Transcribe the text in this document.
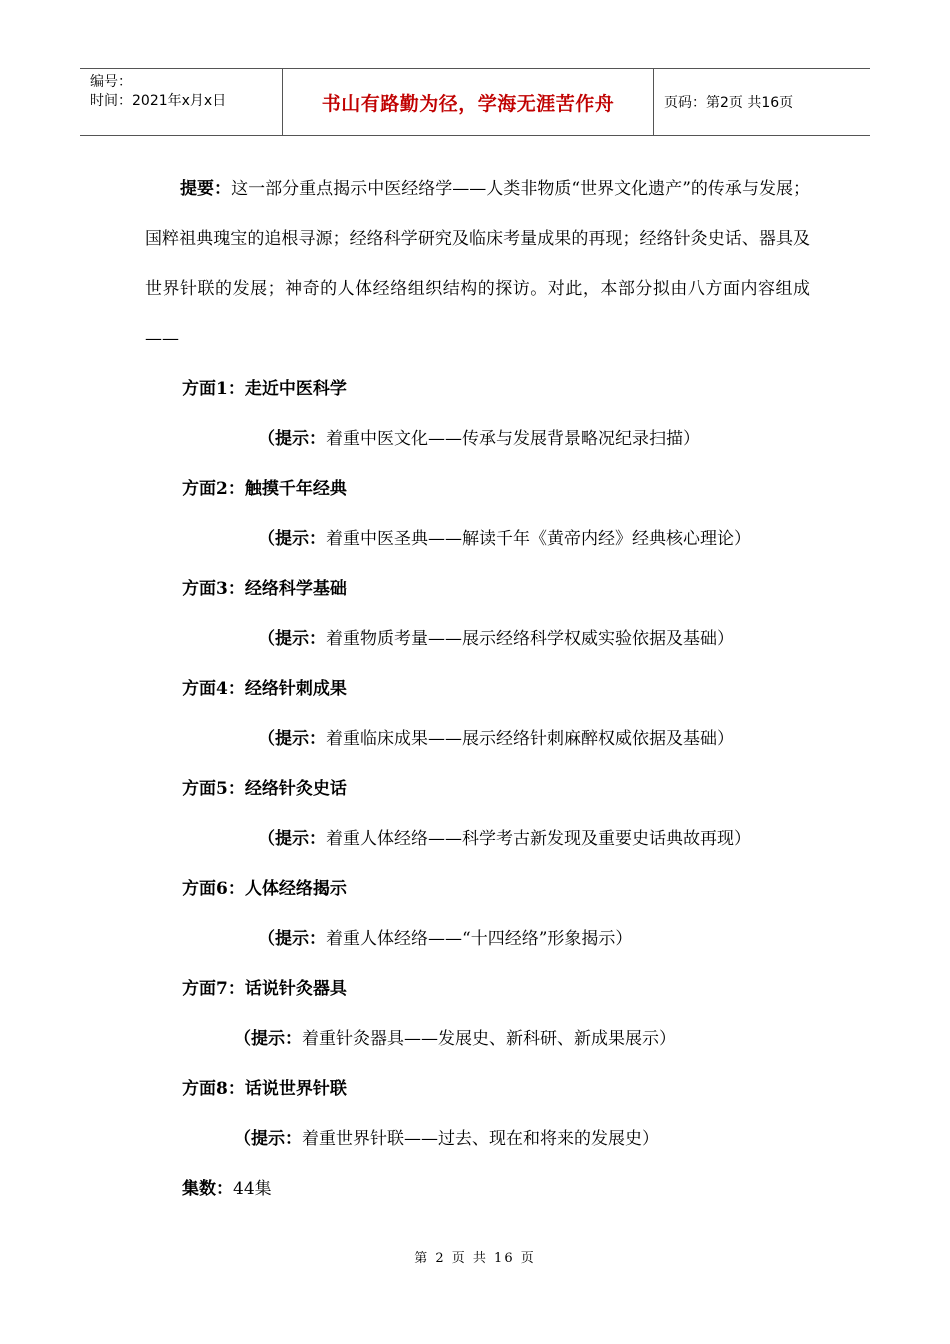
编号：
时间：2021年x月x日	书山有路勤为径，学海无涯苦作舟	页码：第2页 共16页

提要：这一部分重点揭示中医经络学——人类非物质“世界文化遗产”的传承与发展；国粹祖典瑰宝的追根寻源；经络科学研究及临床考量成果的再现；经络针灸史话、器具及世界针联的发展；神奇的人体经络组织结构的探访。对此，本部分拟由八方面内容组成——

方面1：走近中医科学
（提示：着重中医文化——传承与发展背景略况纪录扫描）
方面2：触摸千年经典
（提示：着重中医圣典——解读千年《黄帝内经》经典核心理论）
方面3：经络科学基础
（提示：着重物质考量——展示经络科学权威实验依据及基础）
方面4：经络针刺成果
（提示：着重临床成果——展示经络针刺麻醉权威依据及基础）
方面5：经络针灸史话
（提示：着重人体经络——科学考古新发现及重要史话典故再现）
方面6：人体经络揭示
（提示：着重人体经络——“十四经络”形象揭示）
方面7：话说针灸器具
（提示：着重针灸器具——发展史、新科研、新成果展示）
方面8：话说世界针联
（提示：着重世界针联——过去、现在和将来的发展史）
集数：44集
第 2 页 共 16 页
